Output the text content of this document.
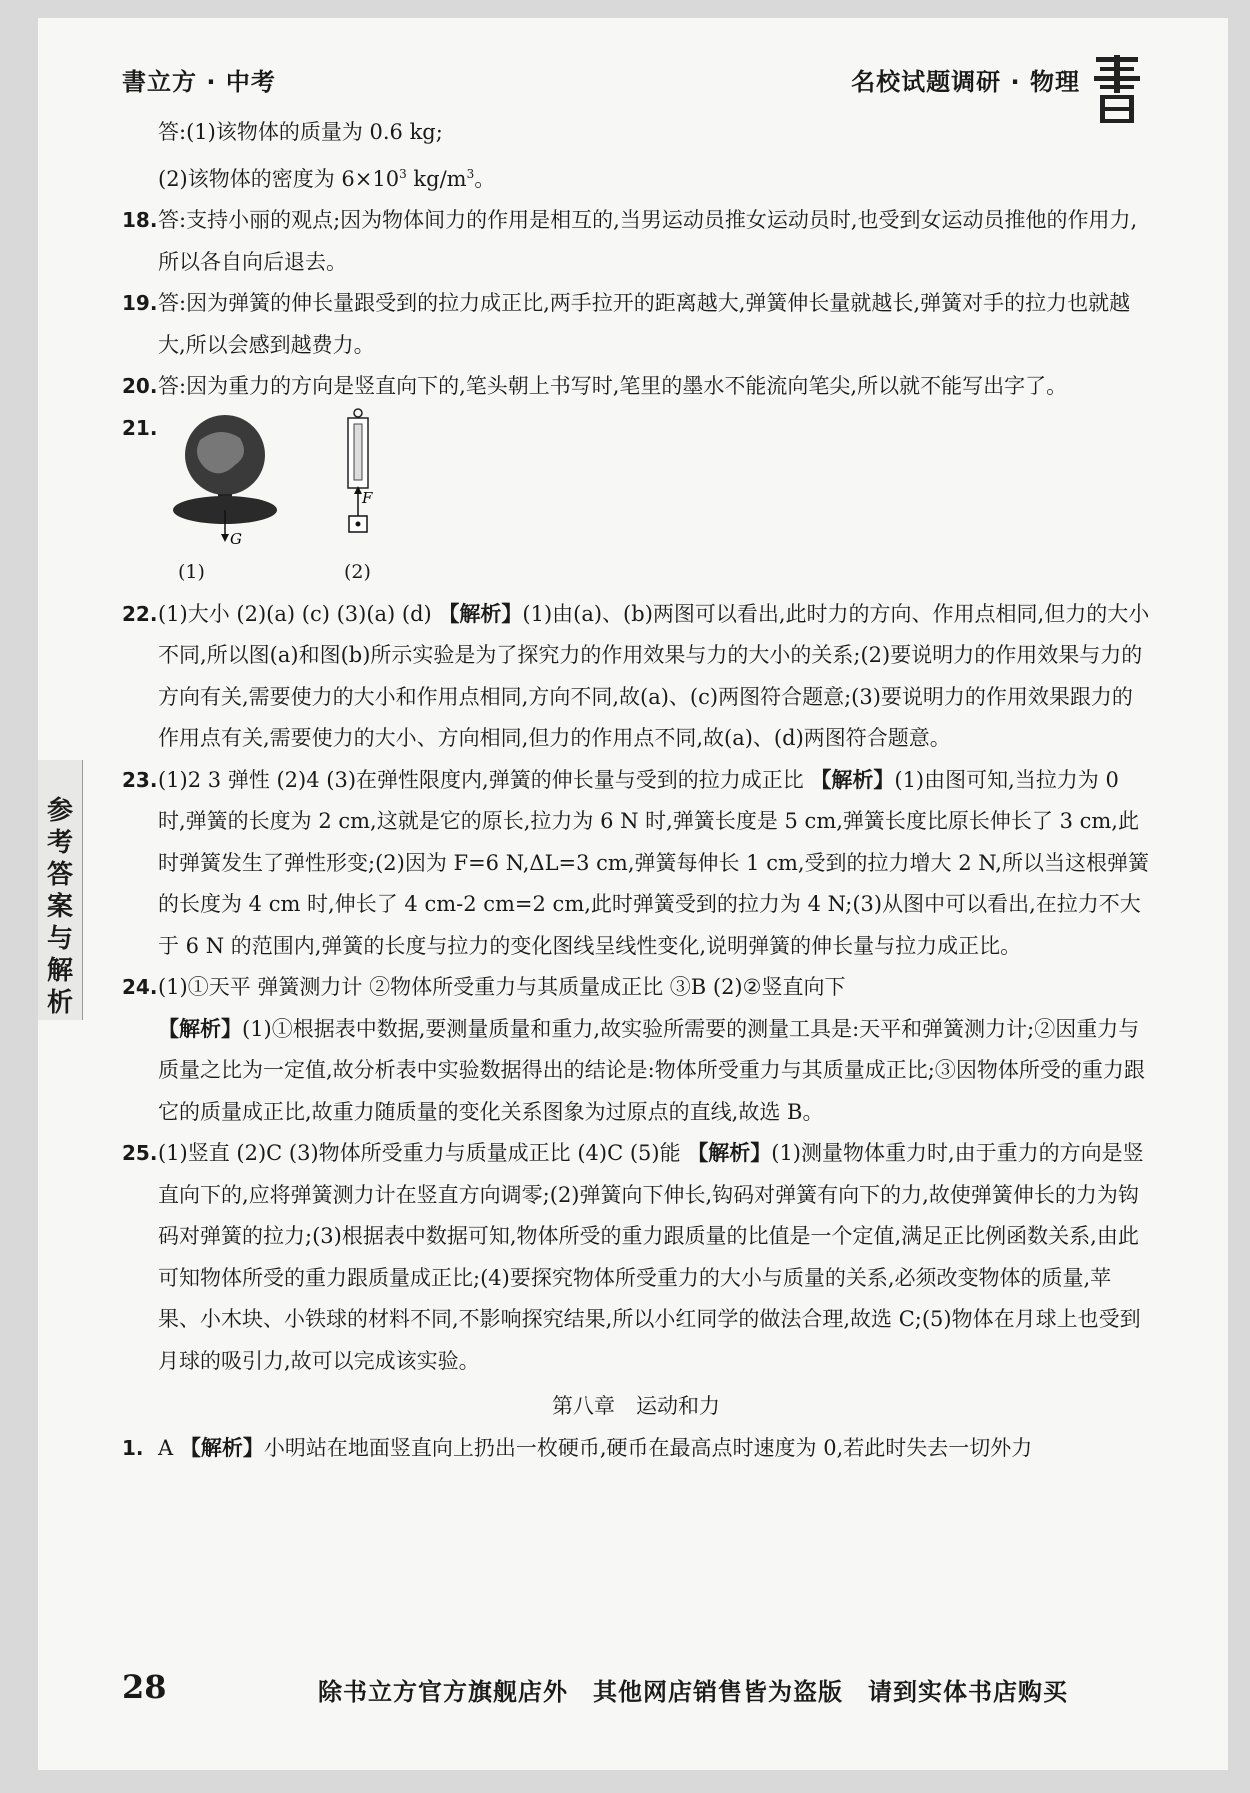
書立方 · 中考	名校试题调研 · 物理
参考答案与解析
答:(1)该物体的质量为 0.6 kg;
(2)该物体的密度为 $6\times 10^3$ $kg/m^3$。
18. 答:支持小丽的观点;因为物体间力的作用是相互的,当男运动员推女运动员时,也受到女运动员推他的作用力,所以各自向后退去。
19. 答:因为弹簧的伸长量跟受到的拉力成正比,两手拉开的距离越大,弹簧伸长量就越长,弹簧对手的拉力也就越大,所以会感到越费力。
20. 答:因为重力的方向是竖直向下的,笔头朝上书写时,笔里的墨水不能流向笔尖,所以就不能写出字了。
21.
G
F
(1)	(2)
22. (1)大小 (2)(a) (c) (3)(a) (d) 【解析】(1)由(a)、(b)两图可以看出,此时力的方向、作用点相同,但力的大小不同,所以图(a)和图(b)所示实验是为了探究力的作用效果与力的大小的关系;(2)要说明力的作用效果与力的方向有关,需要使力的大小和作用点相同,方向不同,故(a)、(c)两图符合题意;(3)要说明力的作用效果跟力的作用点有关,需要使力的大小、方向相同,但力的作用点不同,故(a)、(d)两图符合题意。
23. (1)2 3 弹性 (2)4 (3)在弹性限度内,弹簧的伸长量与受到的拉力成正比 【解析】(1)由图可知,当拉力为 0 时,弹簧的长度为 2 cm,这就是它的原长,拉力为 6 N 时,弹簧长度是 5 cm,弹簧长度比原长伸长了 3 cm,此时弹簧发生了弹性形变;(2)因为 F=6 N,ΔL=3 cm,弹簧每伸长 1 cm,受到的拉力增大 2 N,所以当这根弹簧的长度为 4 cm 时,伸长了 4 cm-2 cm=2 cm,此时弹簧受到的拉力为 4 N;(3)从图中可以看出,在拉力不大于 6 N 的范围内,弹簧的长度与拉力的变化图线呈线性变化,说明弹簧的伸长量与拉力成正比。
24. (1)①天平 弹簧测力计 ②物体所受重力与其质量成正比 ③B (2)②竖直向下
【解析】(1)①根据表中数据,要测量质量和重力,故实验所需要的测量工具是:天平和弹簧测力计;②因重力与质量之比为一定值,故分析表中实验数据得出的结论是:物体所受重力与其质量成正比;③因物体所受的重力跟它的质量成正比,故重力随质量的变化关系图象为过原点的直线,故选 B。
25. (1)竖直 (2)C (3)物体所受重力与质量成正比 (4)C (5)能 【解析】(1)测量物体重力时,由于重力的方向是竖直向下的,应将弹簧测力计在竖直方向调零;(2)弹簧向下伸长,钩码对弹簧有向下的力,故使弹簧伸长的力为钩码对弹簧的拉力;(3)根据表中数据可知,物体所受的重力跟质量的比值是一个定值,满足正比例函数关系,由此可知物体所受的重力跟质量成正比;(4)要探究物体所受重力的大小与质量的关系,必须改变物体的质量,苹果、小木块、小铁球的材料不同,不影响探究结果,所以小红同学的做法合理,故选 C;(5)物体在月球上也受到月球的吸引力,故可以完成该实验。
第八章　运动和力
1. A 【解析】小明站在地面竖直向上扔出一枚硬币,硬币在最高点时速度为 0,若此时失去一切外力
28	除书立方官方旗舰店外　其他网店销售皆为盗版　请到实体书店购买
